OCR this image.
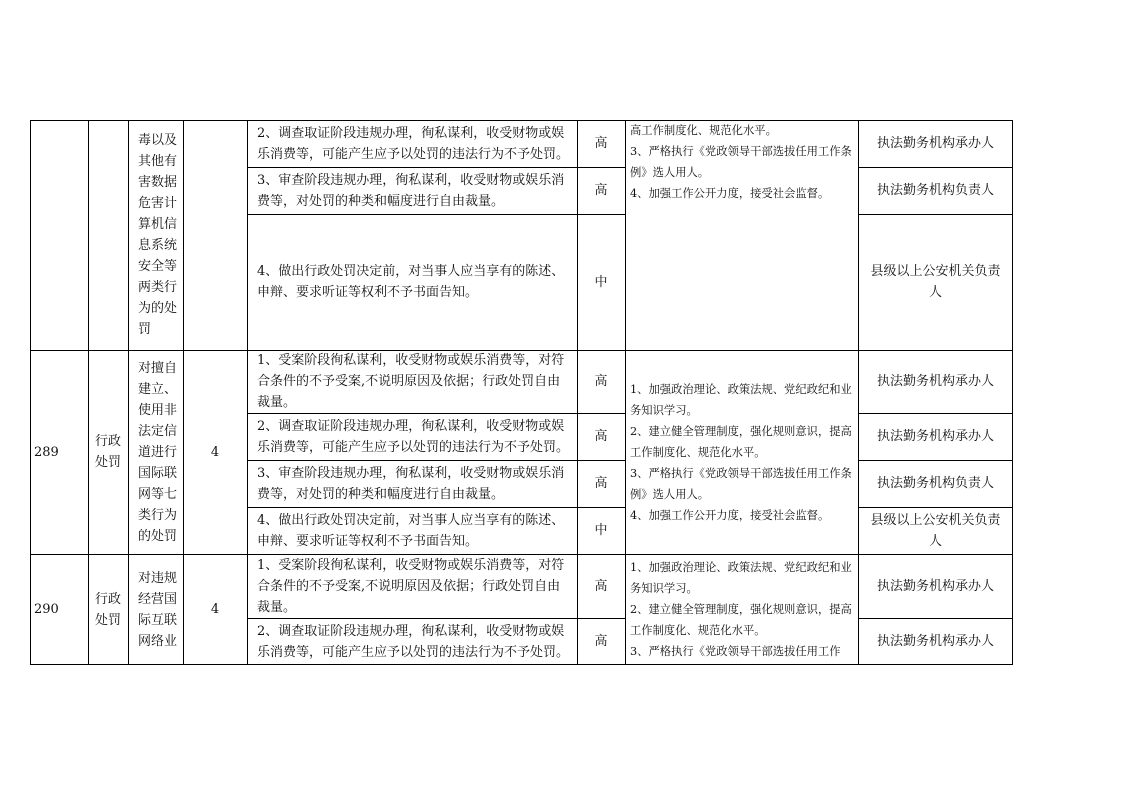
毒以及其他有害数据危害计算机信息系统安全等两类行为的处罚
2、调查取证阶段违规办理，徇私谋利，收受财物或娱乐消费等，可能产生应予以处罚的违法行为不予处罚。
3、审查阶段违规办理，徇私谋利，收受财物或娱乐消费等，对处罚的种类和幅度进行自由裁量。
4、做出行政处罚决定前，对当事人应当享有的陈述、申辩、要求听证等权利不予书面告知。
高
高
中
高工作制度化、规范化水平。
3、严格执行《党政领导干部选拔任用工作条例》选人用人。
4、加强工作公开力度，接受社会监督。
执法勤务机构承办人
执法勤务机构负责人
县级以上公安机关负责人
289
行政处罚
对擅自建立、使用非法定信道进行国际联网等七类行为的处罚
4
1、受案阶段徇私谋利，收受财物或娱乐消费等，对符合条件的不予受案,不说明原因及依据；行政处罚自由裁量。
2、调查取证阶段违规办理，徇私谋利，收受财物或娱乐消费等，可能产生应予以处罚的违法行为不予处罚。
3、审查阶段违规办理，徇私谋利，收受财物或娱乐消费等，对处罚的种类和幅度进行自由裁量。
4、做出行政处罚决定前，对当事人应当享有的陈述、申辩、要求听证等权利不予书面告知。
高
高
高
中
1、加强政治理论、政策法规、党纪政纪和业务知识学习。
2、建立健全管理制度，强化规则意识，提高工作制度化、规范化水平。
3、严格执行《党政领导干部选拔任用工作条例》选人用人。
4、加强工作公开力度，接受社会监督。
执法勤务机构承办人
执法勤务机构承办人
执法勤务机构负责人
县级以上公安机关负责人
290
行政处罚
对违规经营国际互联网络业
4
1、受案阶段徇私谋利，收受财物或娱乐消费等，对符合条件的不予受案,不说明原因及依据；行政处罚自由裁量。
2、调查取证阶段违规办理，徇私谋利，收受财物或娱乐消费等，可能产生应予以处罚的违法行为不予处罚。
高
高
1、加强政治理论、政策法规、党纪政纪和业务知识学习。
2、建立健全管理制度，强化规则意识，提高工作制度化、规范化水平。
3、严格执行《党政领导干部选拔任用工作
执法勤务机构承办人
执法勤务机构承办人
